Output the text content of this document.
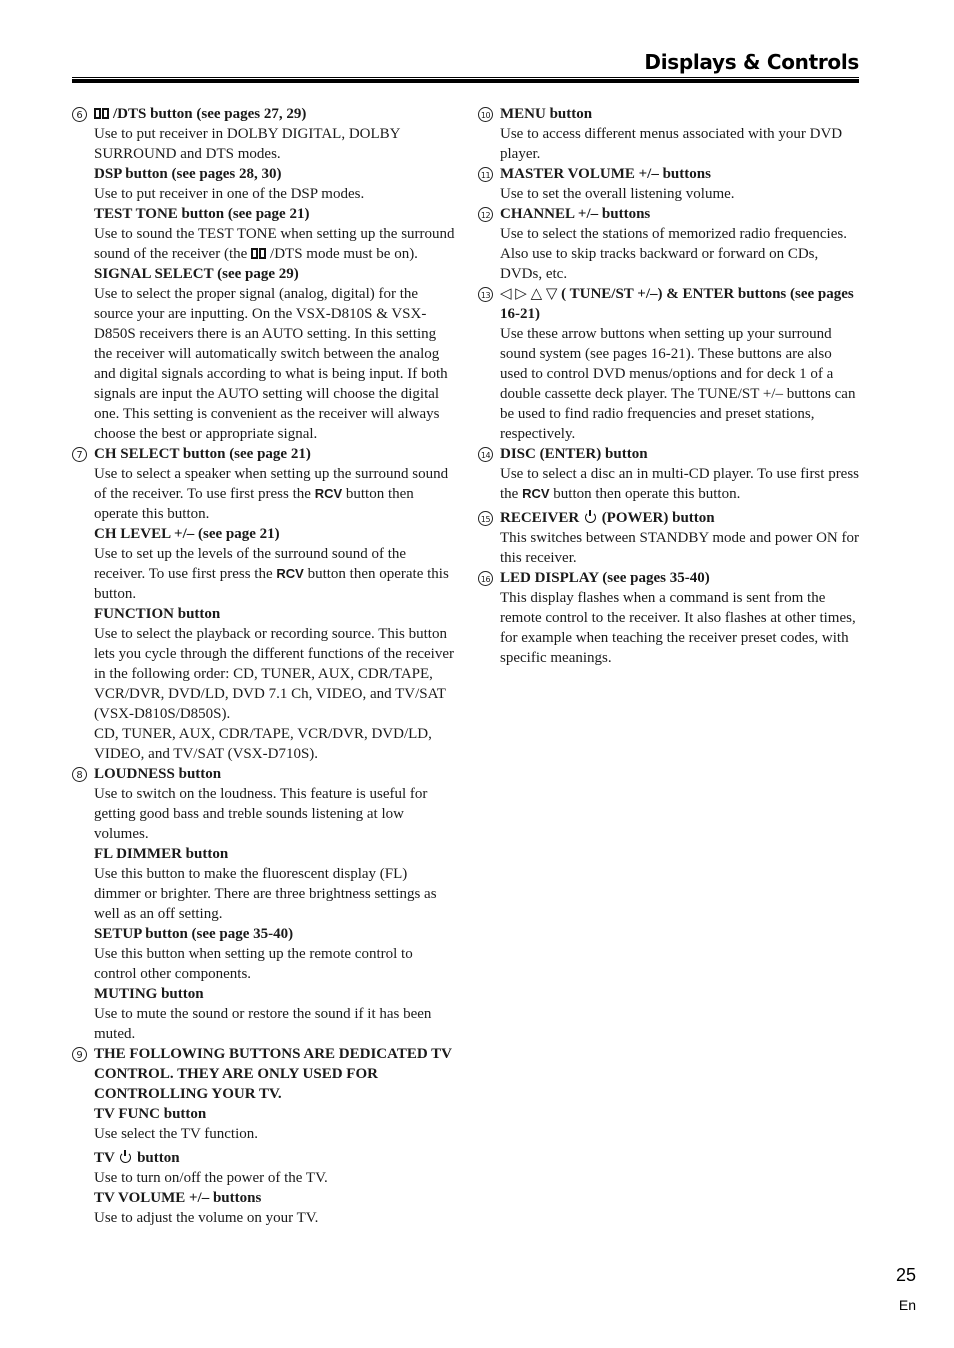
Displays & Controls
6	/DTS button (see pages 27, 29)
Use to put receiver in DOLBY DIGITAL, DOLBY SURROUND and DTS modes.
DSP button (see pages 28, 30)
Use to put receiver in one of the DSP modes.
TEST TONE button (see page 21)
Use to sound the TEST TONE when setting up the surround sound of the receiver (the /DTS mode must be on).
SIGNAL SELECT (see page 29)
Use to select the proper signal (analog, digital) for the source your are inputting. On the VSX-D810S & VSX-D850S receivers there is an AUTO setting. In this setting the receiver will automatically switch between the analog and digital signals according to what is being input. If both signals are input the AUTO setting will choose the digital one. This setting is convenient as the receiver will always choose the best or appropriate signal.
7 CH SELECT button (see page 21)
Use to select a speaker when setting up the surround sound of the receiver. To use first press the RCV button then operate this button.
CH LEVEL +/– (see page 21)
Use to set up the levels of the surround sound of the receiver. To use first press the RCV button then operate this button.
FUNCTION button
Use to select the playback or recording source. This button lets you cycle through the different functions of the receiver in the following order: CD, TUNER, AUX, CDR/TAPE, VCR/DVR, DVD/LD, DVD 7.1 Ch, VIDEO, and TV/SAT (VSX-D810S/D850S).
CD, TUNER, AUX, CDR/TAPE, VCR/DVR, DVD/LD, VIDEO, and TV/SAT (VSX-D710S).
8 LOUDNESS button
Use to switch on the loudness. This feature is useful for getting good bass and treble sounds listening at low volumes.
FL DIMMER button
Use this button to make the fluorescent display (FL) dimmer or brighter. There are three brightness settings as well as an off setting.
SETUP button (see page 35-40)
Use this button when setting up the remote control to control other components.
MUTING button
Use to mute the sound or restore the sound if it has been muted.
9 THE FOLLOWING BUTTONS ARE DEDICATED TV CONTROL. THEY ARE ONLY USED FOR CONTROLLING YOUR TV.
TV FUNC button
Use select the TV function.
TV button
Use to turn on/off the power of the TV.
TV VOLUME +/– buttons
Use to adjust the volume on your TV.
10 MENU button
Use to access different menus associated with your DVD player.
11 MASTER VOLUME +/– buttons
Use to set the overall listening volume.
12 CHANNEL +/– buttons
Use to select the stations of memorized radio frequencies. Also use to skip tracks backward or forward on CDs, DVDs, etc.
13 ◁ ▷ △ ▽ ( TUNE/ST +/–) & ENTER buttons (see pages 16-21)
Use these arrow buttons when setting up your surround sound system (see pages 16-21). These buttons are also used to control DVD menus/options and for deck 1 of a double cassette deck player. The TUNE/ST +/– buttons can be used to find radio frequencies and preset stations, respectively.
14 DISC (ENTER) button
Use to select a disc an in multi-CD player. To use first press the RCV button then operate this button.
15 RECEIVER (POWER) button
This switches between STANDBY mode and power ON for this receiver.
16 LED DISPLAY (see pages 35-40)
This display flashes when a command is sent from the remote control to the receiver. It also flashes at other times, for example when teaching the receiver preset codes, with specific meanings.
25
En
